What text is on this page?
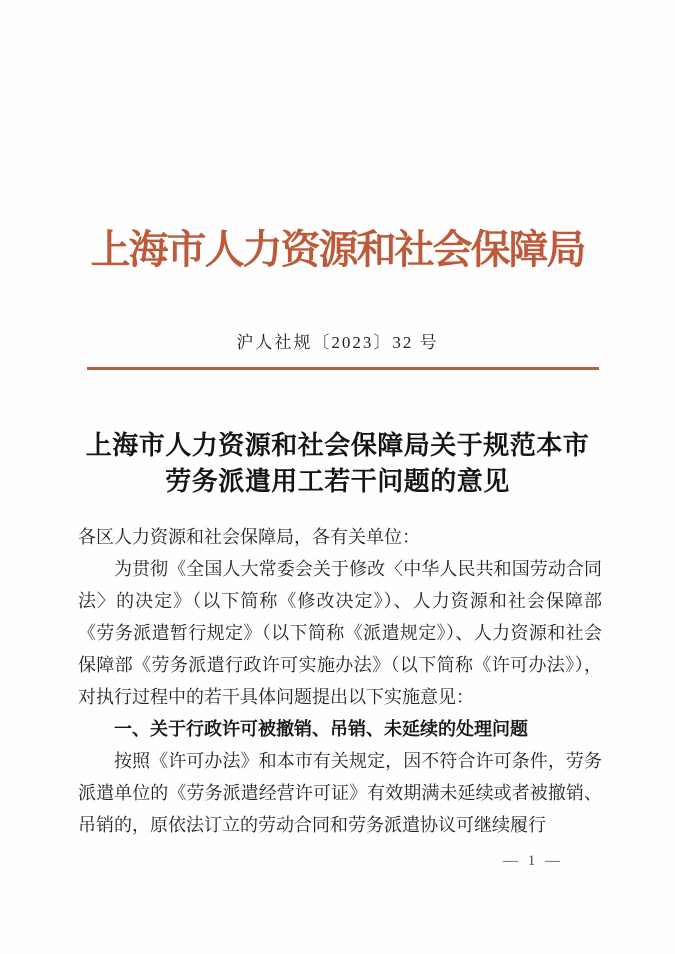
上海市人力资源和社会保障局
沪人社规〔2023〕32 号
上海市人力资源和社会保障局关于规范本市
劳务派遣用工若干问题的意见

各区人力资源和社会保障局，各有关单位：

为贯彻《全国人大常委会关于修改〈中华人民共和国劳动合同法〉的决定》（以下简称《修改决定》）、人力资源和社会保障部《劳务派遣暂行规定》（以下简称《派遣规定》）、人力资源和社会保障部《劳务派遣行政许可实施办法》（以下简称《许可办法》），对执行过程中的若干具体问题提出以下实施意见：

一、关于行政许可被撤销、吊销、未延续的处理问题

按照《许可办法》和本市有关规定，因不符合许可条件，劳务派遣单位的《劳务派遣经营许可证》有效期满未延续或者被撤销、吊销的，原依法订立的劳动合同和劳务派遣协议可继续履行

— 1 —
